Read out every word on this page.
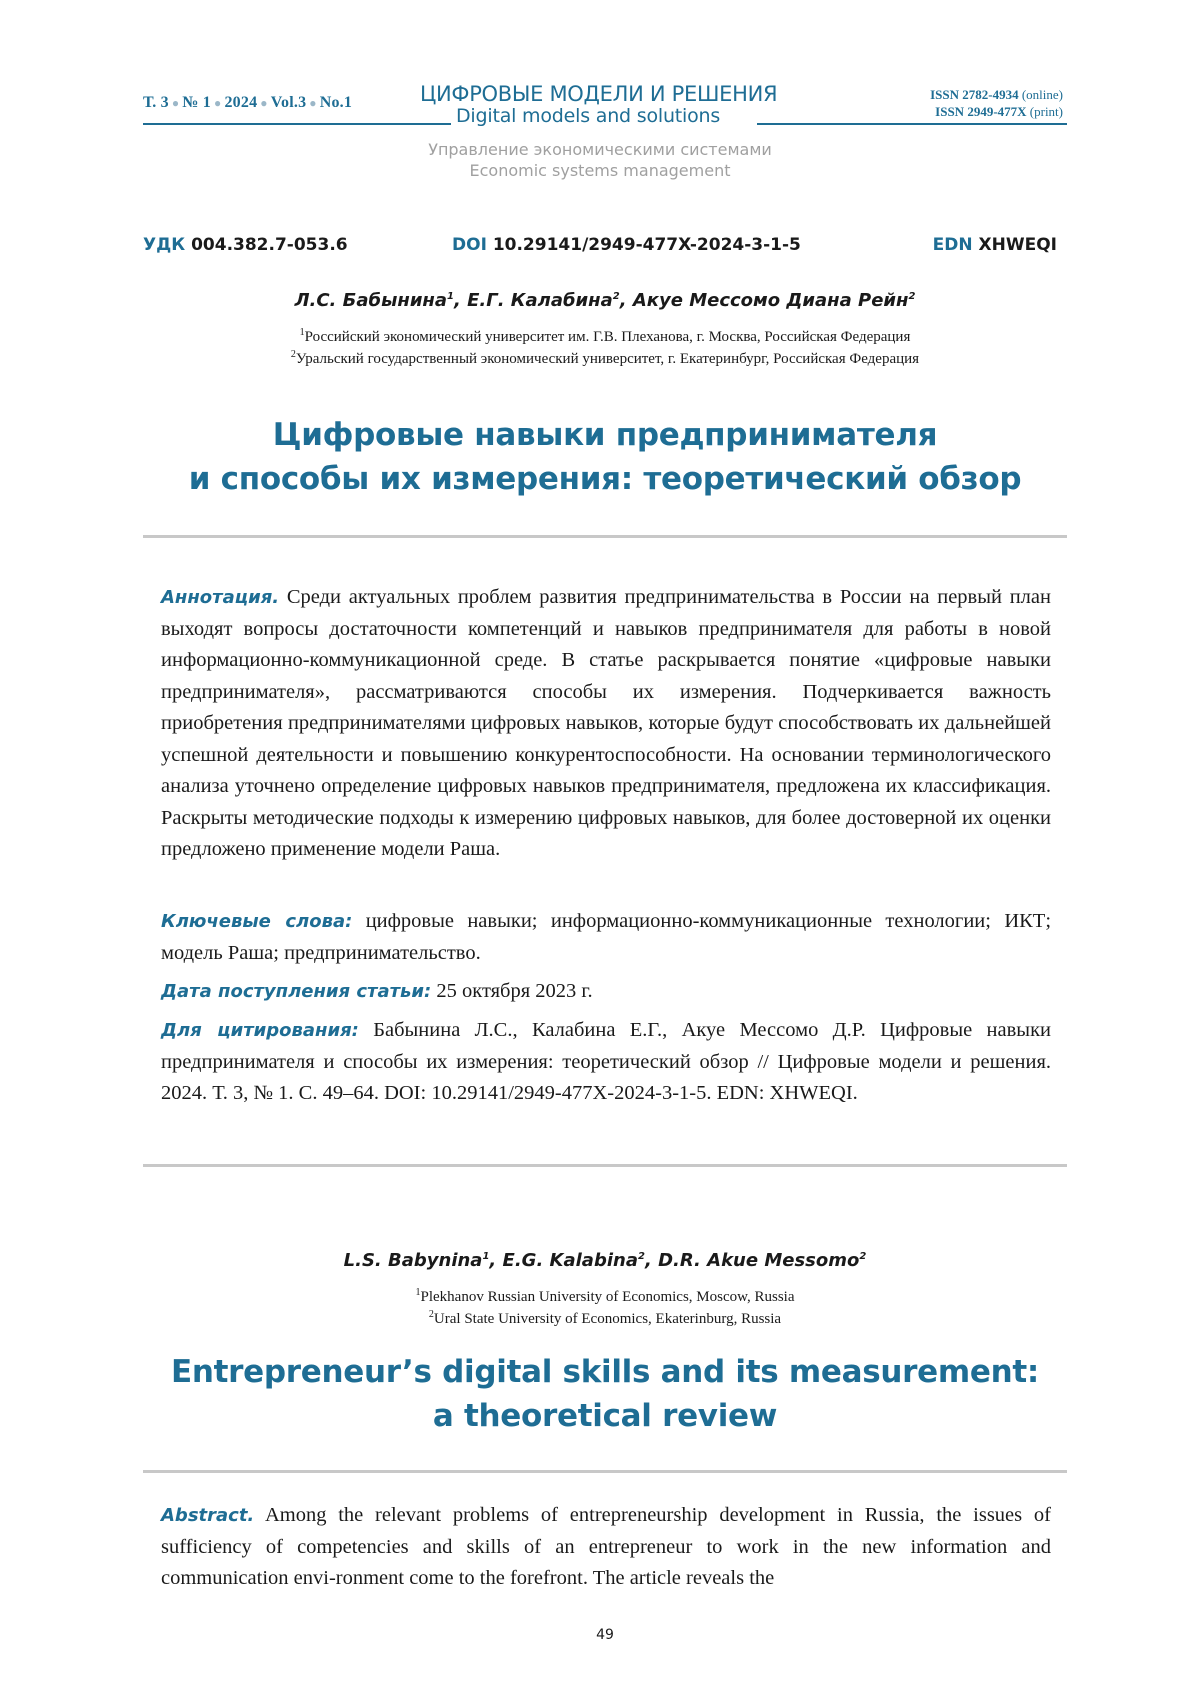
Т. 3 ● № 1 ● 2024 ● Vol.3 ● No.1	ЦИФРОВЫЕ МОДЕЛИ И РЕШЕНИЯ
Digital models and solutions
ISSN 2782-4934 (online)
ISSN 2949-477X (print)
Управление экономическими системами
Economic systems management
УДК 004.382.7-053.6	DOI 10.29141/2949-477X-2024-3-1-5	EDN XHWEQI
Л.С. Бабынина$^1$, Е.Г. Калабина$^2$, Акуе Мессомо Диана Рейн$^2$
$^1$Российский экономический университет им. Г.В. Плеханова, г. Москва, Российская Федерация
$^2$Уральский государственный экономический университет, г. Екатеринбург, Российская Федерация
Цифровые навыки предпринимателя
и способы их измерения: теоретический обзор
Аннотация. Среди актуальных проблем развития предпринимательства в России на первый план выходят вопросы достаточности компетенций и навыков предпринимателя для работы в новой информационно-коммуникационной среде. В статье раскрывается понятие «цифровые навыки предпринимателя», рассматриваются способы их измерения. Подчеркивается важность приобретения предпринимателями цифровых навыков, которые будут способствовать их дальнейшей успешной деятельности и повышению конкурентоспособности. На основании терминологического анализа уточнено определение цифровых навыков предпринимателя, предложена их классификация. Раскрыты методические подходы к измерению цифровых навыков, для более достоверной их оценки предложено применение модели Раша.
Ключевые слова: цифровые навыки; информационно-коммуникационные технологии; ИКТ; модель Раша; предпринимательство.
Дата поступления статьи: 25 октября 2023 г.
Для цитирования: Бабынина Л.С., Калабина Е.Г., Акуе Мессомо Д.Р. Цифровые навыки предпринимателя и способы их измерения: теоретический обзор // Цифровые модели и решения. 2024. Т. 3, № 1. С. 49–64. DOI: 10.29141/2949-477X-2024-3-1-5. EDN: XHWEQI.
L.S. Babynina$^1$, E.G. Kalabina$^2$, D.R. Akue Messomo$^2$
$^1$Plekhanov Russian University of Economics, Moscow, Russia
$^2$Ural State University of Economics, Ekaterinburg, Russia
Entrepreneur’s digital skills and its measurement:
a theoretical review
Abstract. Among the relevant problems of entrepreneurship development in Russia, the issues of sufficiency of competencies and skills of an entrepreneur to work in the new information and communication envi-ronment come to the forefront. The article reveals the
49
